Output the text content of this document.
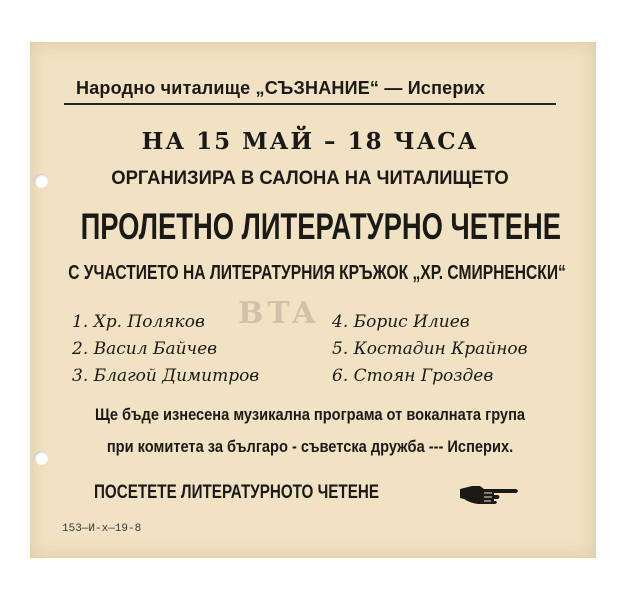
Народно читалище „СЪЗНАНИЕ“ — Исперих
НА 15 МАЙ – 18 ЧАСА
ОРГАНИЗИРА В САЛОНА НА ЧИТАЛИЩЕТО
ПРОЛЕТНО ЛИТЕРАТУРНО ЧЕТЕНЕ
С УЧАСТИЕТО НА ЛИТЕРАТУРНИЯ КРЪЖОК „ХР. СМИРНЕНСКИ“
BTA
1. Хр. Поляков
2. Васил Байчев
3. Благой Димитров
4. Борис Илиев
5. Костадин Крайнов
6. Стоян Гроздев
Ще бъде изнесена музикална програма от вокалната група
при комитета за българо - съветска дружба --- Исперих.
ПОСЕТЕТЕ ЛИТЕРАТУРНОТО ЧЕТЕНЕ
153—И-х—19-8
